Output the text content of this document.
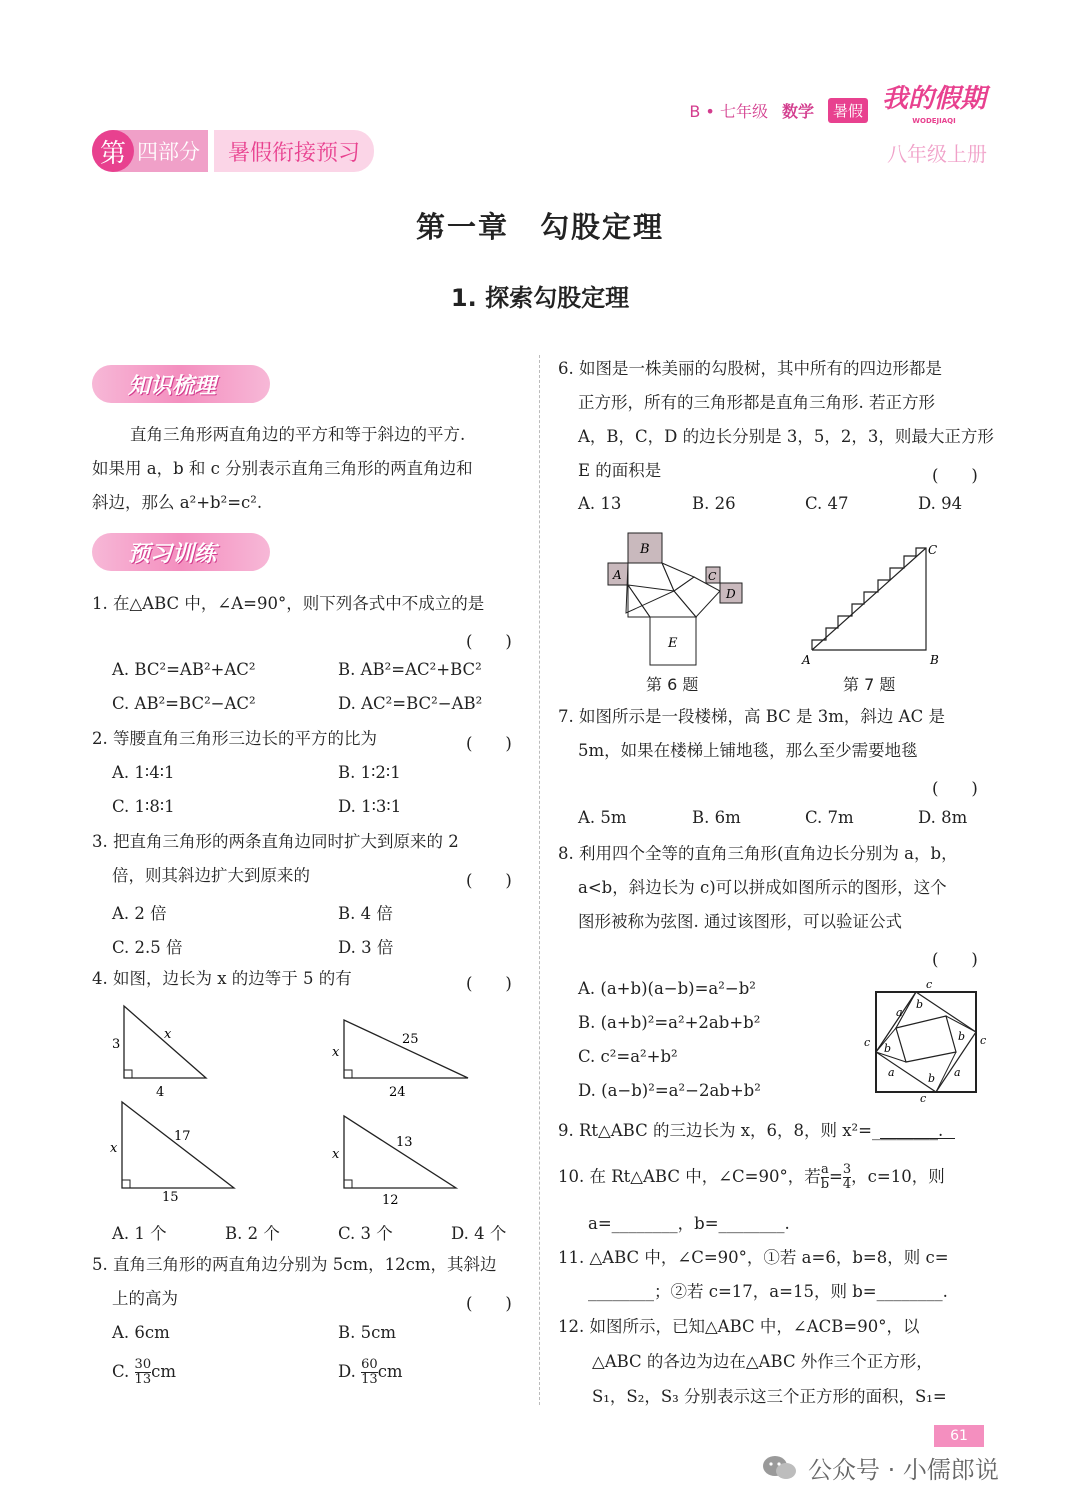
B • 七年级 数学	暑假 我的假期
WODEJIAQI
第 四部分	暑假衔接预习	八年级上册
第一章　勾股定理
1. 探索勾股定理
知识梳理
直角三角形两直角边的平方和等于斜边的平方.
如果用 a，b 和 c 分别表示直角三角形的两直角边和
斜边，那么 a²+b²=c².
预习训练
1. 在△ABC 中，∠A=90°，则下列各式中不成立的是
(　　)
A. BC²=AB²+AC²	B. AB²=AC²+BC²
C. AB²=BC²−AC²	D. AC²=BC²−AB²
2. 等腰直角三角形三边长的平方的比为	(　　)
A. 1∶4∶1	B. 1∶2∶1
C. 1∶8∶1	D. 1∶3∶1
3. 把直角三角形的两条直角边同时扩大到原来的 2
倍，则其斜边扩大到原来的	(　　)
A. 2 倍	B. 4 倍
C. 2.5 倍	D. 3 倍
4. 如图，边长为 x 的边等于 5 的有	(　　)
3
4
x
x
24
25
x
15
17
x
12
13
A. 1 个	B. 2 个	C. 3 个	D. 4 个
5. 直角三角形的两直角边分别为 5cm，12cm，其斜边
上的高为	(　　)
A. 6cm	B. 5cm
C. $\frac{30}{13}$ cm	D. $\frac{60}{13}$ cm
6. 如图是一株美丽的勾股树，其中所有的四边形都是
正方形，所有的三角形都是直角三角形. 若正方形
A，B，C，D 的边长分别是 3，5，2，3，则最大正方形
E 的面积是	(　　)
A. 13	B. 26	C. 47	D. 94
B
A	C
D
E
第 6 题
A	B
C
第 7 题
7. 如图所示是一段楼梯，高 BC 是 3m，斜边 AC 是
5m，如果在楼梯上铺地毯，那么至少需要地毯
(　　)
A. 5m	B. 6m	C. 7m	D. 8m
8. 利用四个全等的直角三角形(直角边长分别为 a，b，
a<b，斜边长为 c)可以拼成如图所示的图形，这个
图形被称为弦图. 通过该图形，可以验证公式
(　　)
A. (a+b)(a−b)=a²−b²
B. (a+b)²=a²+2ab+b²
C. c²=a²+b²
D. (a−b)²=a²−2ab+b²
c
b
a
c b
b c
a	b a
c
9. Rt△ABC 的三边长为 x，6，8，则 x²=________.
10. 在 Rt△ABC 中，∠C=90°，若 $\frac{a}{b} = \frac{3}{4}$ ，c=10，则
a=________，b=________.
11. △ABC 中，∠C=90°，①若 a=6，b=8，则 c=
________；②若 c=17，a=15，则 b=________.
12. 如图所示，已知△ABC 中，∠ACB=90°，以
△ABC 的各边为边在△ABC 外作三个正方形，
S₁，S₂，S₃ 分别表示这三个正方形的面积，S₁=
61
公众号 · 小儒郎说
